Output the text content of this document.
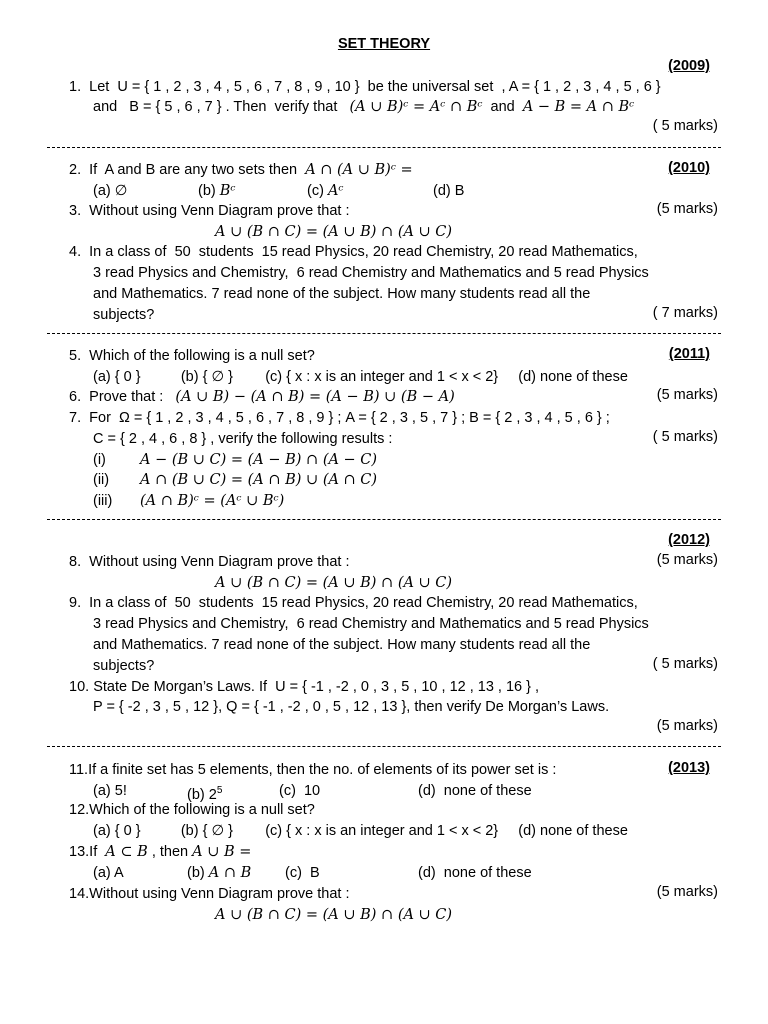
SET THEORY
(2009)
1. Let  U = { 1 , 2 , 3 , 4 , 5 , 6 , 7 , 8 , 9 , 10 }  be the universal set  , A = { 1 , 2 , 3 , 4 , 5 , 6 }
and   B = { 5 , 6 , 7 } . Then  verify that (A ∪ B)ᶜ = Aᶜ ∩ Bᶜ and A − B = A ∩ Bᶜ
( 5 marks)
2. If  A and B are any two sets then A ∩ (A ∪ B)ᶜ =	(2010)
(a) ∅	(b) Bᶜ	(c) Aᶜ	(d) B
3. Without using Venn Diagram prove that :	(5 marks)
A ∪ (B ∩ C) = (A ∪ B) ∩ (A ∪ C)
4. In a class of  50  students  15 read Physics, 20 read Chemistry, 20 read Mathematics,
3 read Physics and Chemistry,  6 read Chemistry and Mathematics and 5 read Physics
and Mathematics. 7 read none of the subject. How many students read all the
subjects?	( 7 marks)
5. Which of the following is a null set?	(2011)
(a) { 0 }          (b) { ∅ }        (c) { x : x is an integer and 1 < x < 2}     (d) none of these
6. Prove that : (A ∪ B) − (A ∩ B) = (A − B) ∪ (B − A)	(5 marks)
7. For  Ω = { 1 , 2 , 3 , 4 , 5 , 6 , 7 , 8 , 9 } ; A = { 2 , 3 , 5 , 7 } ; B = { 2 , 3 , 4 , 5 , 6 } ;
C = { 2 , 4 , 6 , 8 } , verify the following results :	( 5 marks)
(i) A − (B ∪ C) = (A − B) ∩ (A − C)
(ii) A ∩ (B ∪ C) = (A ∩ B) ∪ (A ∩ C)
(iii) (A ∩ B)ᶜ = (Aᶜ ∪ Bᶜ)
(2012)
8. Without using Venn Diagram prove that :	(5 marks)
A ∪ (B ∩ C) = (A ∪ B) ∩ (A ∪ C)
9. In a class of  50  students  15 read Physics, 20 read Chemistry, 20 read Mathematics,
3 read Physics and Chemistry,  6 read Chemistry and Mathematics and 5 read Physics
and Mathematics. 7 read none of the subject. How many students read all the
subjects?	( 5 marks)
10. State De Morgan’s Laws. If  U = { -1 , -2 , 0 , 3 , 5 , 10 , 12 , 13 , 16 } ,
P = { -2 , 3 , 5 , 12 }, Q = { -1 , -2 , 0 , 5 , 12 , 13 }, then verify De Morgan’s Laws.
(5 marks)
11.If a finite set has 5 elements, then the no. of elements of its power set is :	(2013)
(a) 5!	(b) $2^5$	(c)  10	(d)  none of these
12.Which of the following is a null set?
(a) { 0 }          (b) { ∅ }        (c) { x : x is an integer and 1 < x < 2}     (d) none of these
13.If A ⊂ B , then A ∪ B =
(a) A	(b) A ∩ B (c)  B	(d)  none of these
14.Without using Venn Diagram prove that :	(5 marks)
A ∪ (B ∩ C) = (A ∪ B) ∩ (A ∪ C)
